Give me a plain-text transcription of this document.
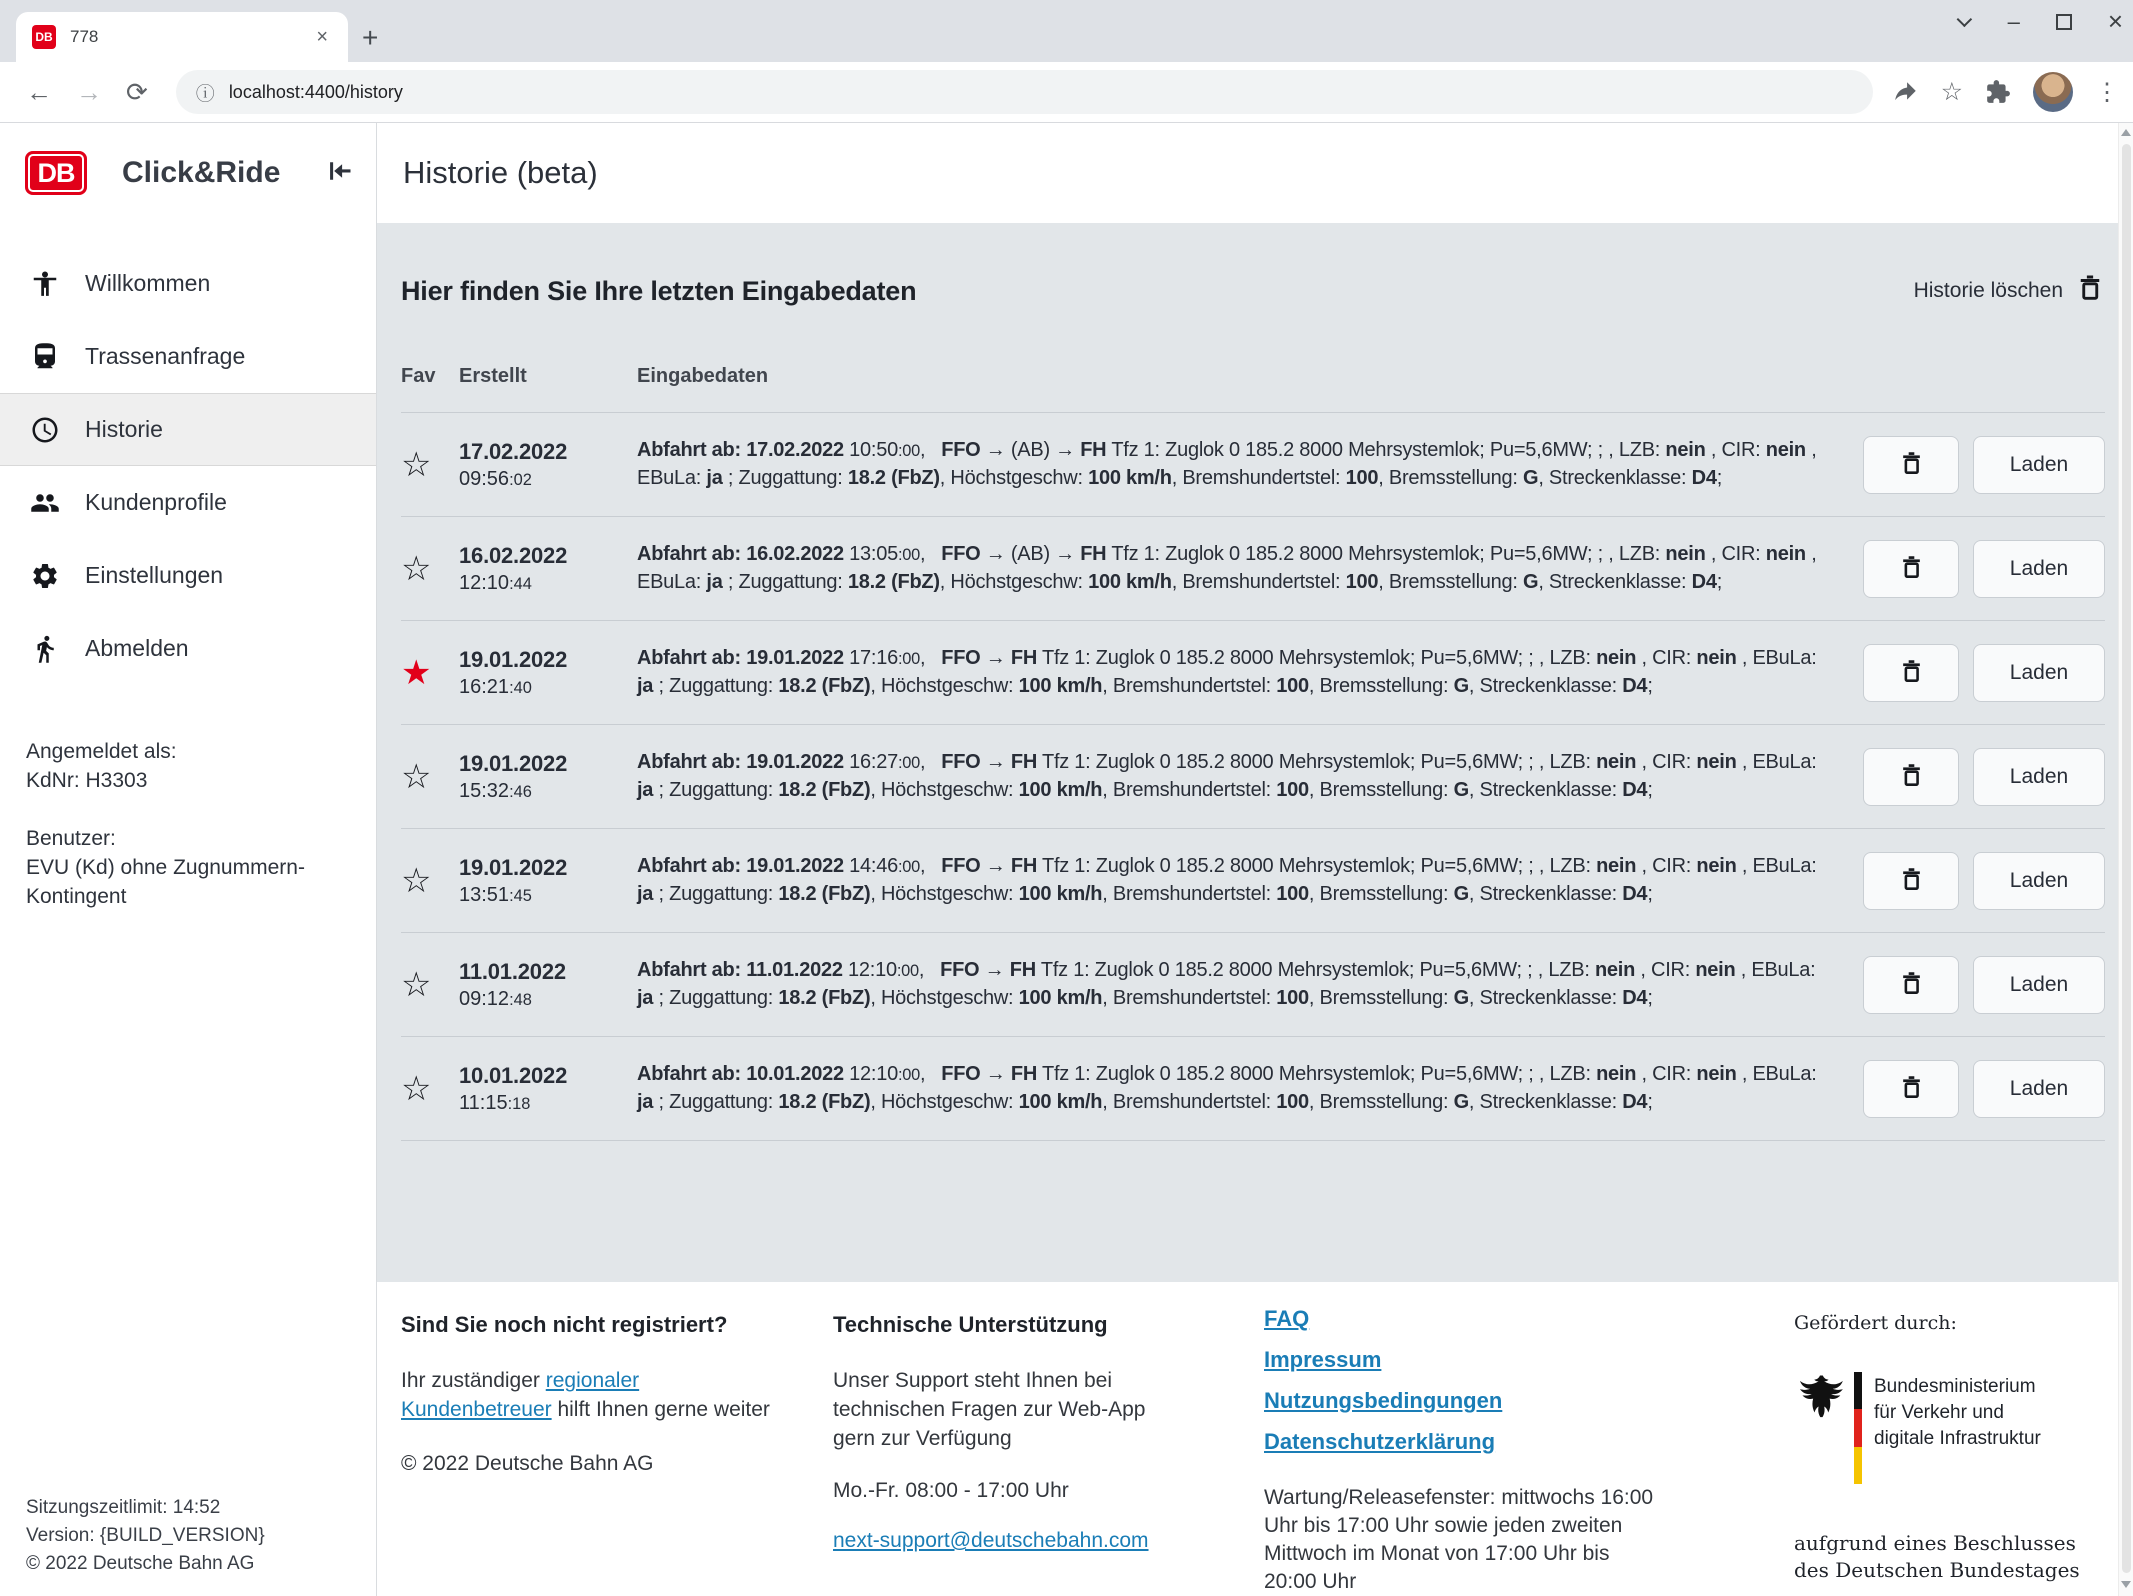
DB 778	× +
–	×
← → ⟳	ⓘ localhost:4400/history	☆	⋮
DB	Click&Ride
Willkommen
Trassenanfrage
Historie
Kundenprofile
Einstellungen
Abmelden
Angemeldet als:
KdNr: H3303
Benutzer:
EVU (Kd) ohne Zugnummern-Kontingent
Sitzungszeitlimit: 14:52
Version: {BUILD_VERSION}
© 2022 Deutsche Bahn AG
Historie (beta)
Hier finden Sie Ihre letzten Eingabedaten	Historie löschen
Fav	Erstellt	Eingabedaten
☆	17.02.2022
09:56:02
Abfahrt ab: 17.02.2022 10:50:00,   FFO → (AB) → FH Tfz 1: Zuglok 0 185.2 8000 Mehrsystemlok; Pu=5,6MW; ; , LZB: nein , CIR: nein , EBuLa: ja ; Zuggattung: 18.2 (FbZ), Höchstgeschw: 100 km/h, Bremshundertstel: 100, Bremsstellung: G, Streckenklasse: D4;
Laden
☆	16.02.2022
12:10:44
Abfahrt ab: 16.02.2022 13:05:00,   FFO → (AB) → FH Tfz 1: Zuglok 0 185.2 8000 Mehrsystemlok; Pu=5,6MW; ; , LZB: nein , CIR: nein , EBuLa: ja ; Zuggattung: 18.2 (FbZ), Höchstgeschw: 100 km/h, Bremshundertstel: 100, Bremsstellung: G, Streckenklasse: D4;
Laden
★	19.01.2022
16:21:40
Abfahrt ab: 19.01.2022 17:16:00,   FFO → FH Tfz 1: Zuglok 0 185.2 8000 Mehrsystemlok; Pu=5,6MW; ; , LZB: nein , CIR: nein , EBuLa: ja ; Zuggattung: 18.2 (FbZ), Höchstgeschw: 100 km/h, Bremshundertstel: 100, Bremsstellung: G, Streckenklasse: D4;
Laden
☆	19.01.2022
15:32:46
Abfahrt ab: 19.01.2022 16:27:00,   FFO → FH Tfz 1: Zuglok 0 185.2 8000 Mehrsystemlok; Pu=5,6MW; ; , LZB: nein , CIR: nein , EBuLa: ja ; Zuggattung: 18.2 (FbZ), Höchstgeschw: 100 km/h, Bremshundertstel: 100, Bremsstellung: G, Streckenklasse: D4;
Laden
☆	19.01.2022
13:51:45
Abfahrt ab: 19.01.2022 14:46:00,   FFO → FH Tfz 1: Zuglok 0 185.2 8000 Mehrsystemlok; Pu=5,6MW; ; , LZB: nein , CIR: nein , EBuLa: ja ; Zuggattung: 18.2 (FbZ), Höchstgeschw: 100 km/h, Bremshundertstel: 100, Bremsstellung: G, Streckenklasse: D4;
Laden
☆	11.01.2022
09:12:48
Abfahrt ab: 11.01.2022 12:10:00,   FFO → FH Tfz 1: Zuglok 0 185.2 8000 Mehrsystemlok; Pu=5,6MW; ; , LZB: nein , CIR: nein , EBuLa: ja ; Zuggattung: 18.2 (FbZ), Höchstgeschw: 100 km/h, Bremshundertstel: 100, Bremsstellung: G, Streckenklasse: D4;
Laden
☆	10.01.2022
11:15:18
Abfahrt ab: 10.01.2022 12:10:00,   FFO → FH Tfz 1: Zuglok 0 185.2 8000 Mehrsystemlok; Pu=5,6MW; ; , LZB: nein , CIR: nein , EBuLa: ja ; Zuggattung: 18.2 (FbZ), Höchstgeschw: 100 km/h, Bremshundertstel: 100, Bremsstellung: G, Streckenklasse: D4;
Laden
Sind Sie noch nicht registriert?
Ihr zuständiger regionaler Kundenbetreuer hilft Ihnen gerne weiter
© 2022 Deutsche Bahn AG
Technische Unterstützung
Unser Support steht Ihnen bei technischen Fragen zur Web-App gern zur Verfügung
Mo.-Fr. 08:00 - 17:00 Uhr
next-support@deutschebahn.com
FAQ
Impressum
Nutzungsbedingungen
Datenschutzerklärung
Wartung/Releasefenster: mittwochs 16:00 Uhr bis 17:00 Uhr sowie jeden zweiten Mittwoch im Monat von 17:00 Uhr bis 20:00 Uhr
Gefördert durch:
Bundesministerium
für Verkehr und
digitale Infrastruktur
aufgrund eines Beschlusses
des Deutschen Bundestages
